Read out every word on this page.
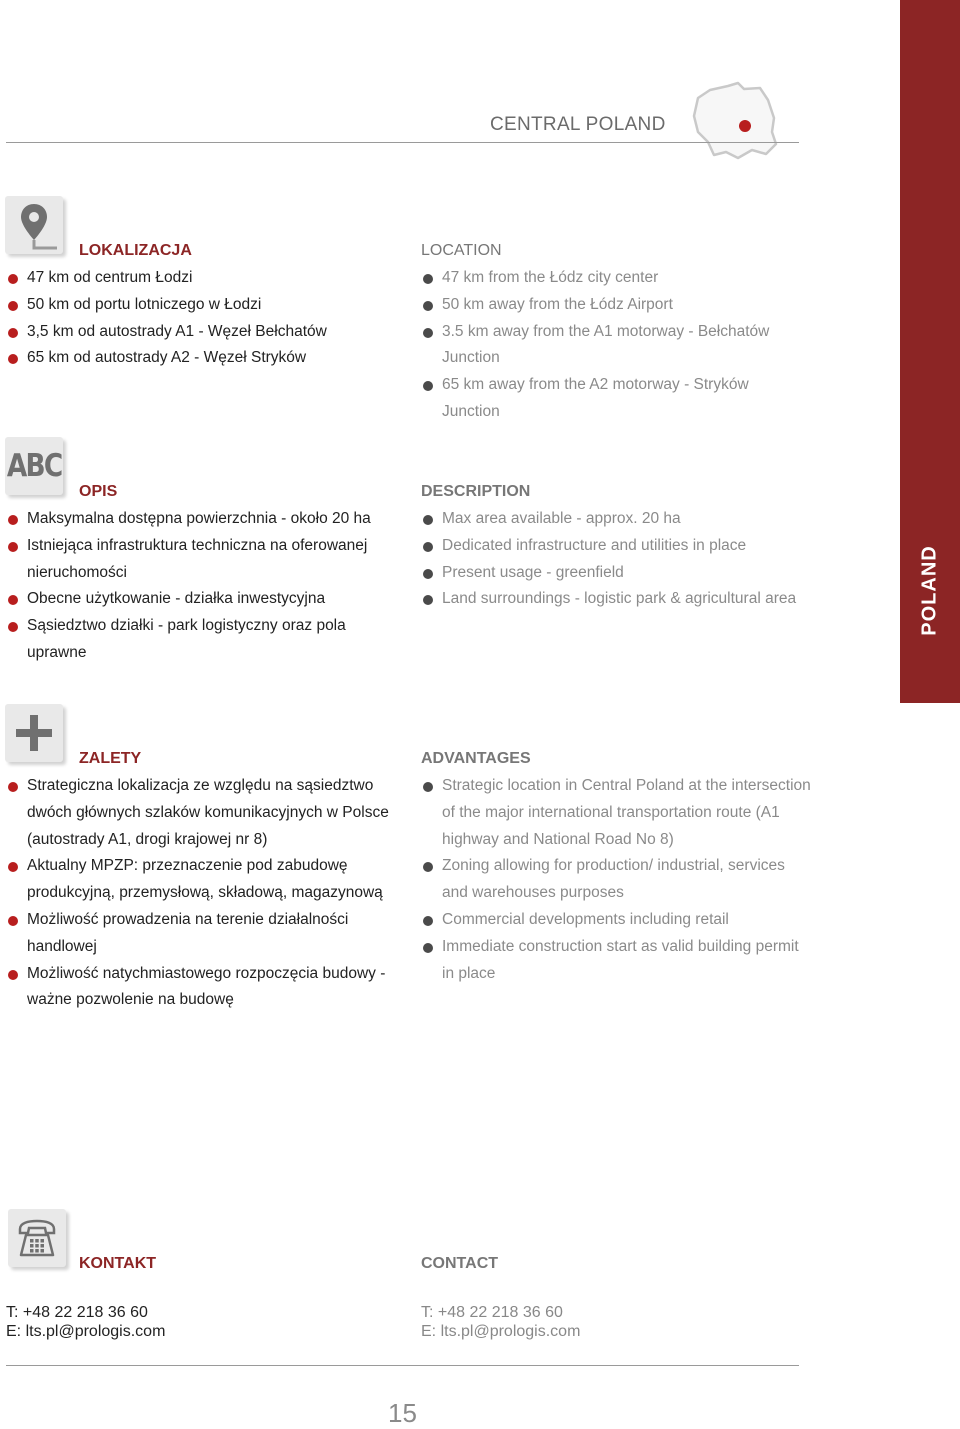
POLAND
CENTRAL POLAND
LOKALIZACJA	LOCATION
47 km od centrum Łodzi
50 km od portu lotniczego w Łodzi
3,5 km od autostrady A1 - Węzeł Bełchatów
65 km od autostrady A2 - Węzeł Stryków
47 km from the Łódz city center
50 km away from the Łódz Airport
3.5 km away from the A1 motorway - Bełchatów Junction
65 km away from the A2 motorway - Stryków Junction
ABC
OPIS	DESCRIPTION
Maksymalna dostępna powierzchnia - około 20 ha
Istniejąca infrastruktura techniczna na oferowanej nieruchomości
Obecne użytkowanie - działka inwestycyjna
Sąsiedztwo działki - park logistyczny oraz pola uprawne
Max area available - approx. 20 ha
Dedicated infrastructure and utilities in place
Present usage - greenfield
Land surroundings - logistic park & agricultural area
ZALETY	ADVANTAGES
Strategiczna lokalizacja ze względu na sąsiedztwo dwóch głównych szlaków komunikacyjnych w Polsce (autostrady A1, drogi krajowej nr 8)
Aktualny MPZP: przeznaczenie pod zabudowę produkcyjną, przemysłową, składową, magazynową
Możliwość prowadzenia na terenie działalności handlowej
Możliwość natychmiastowego rozpoczęcia budowy - ważne pozwolenie na budowę
Strategic location in Central Poland at the intersection of the major international transportation route (A1 highway and National Road No 8)
Zoning allowing for production/ industrial, services and warehouses purposes
Commercial developments including retail
Immediate construction start as valid building permit in place
KONTAKT	CONTACT
T: +48 22 218 36 60
E: lts.pl@prologis.com
T: +48 22 218 36 60
E: lts.pl@prologis.com
15
